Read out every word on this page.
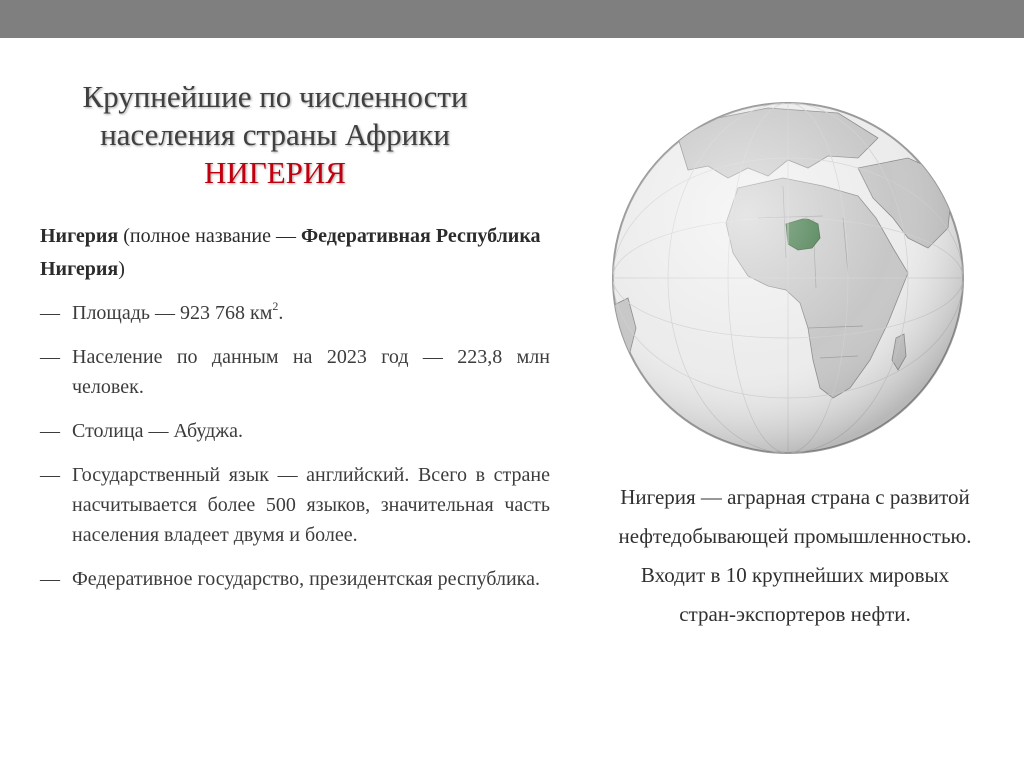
Крупнейшие по численности
населения страны Африки
НИГЕРИЯ
Нигерия (полное название — Федеративная Республика Нигерия)
— Площадь — 923 768 $км^2$.
— Население по данным на 2023 год — 223,8 млн человек.
— Столица — Абуджа.
— Государственный язык — английский. Всего в стране насчитывается более 500 языков, значительная часть населения владеет двумя и более.
— Федеративное государство, президентская республика.
Нигерия — аграрная страна с развитой нефтедобывающей промышленностью. Входит в 10 крупнейших мировых стран-экспортеров нефти.
